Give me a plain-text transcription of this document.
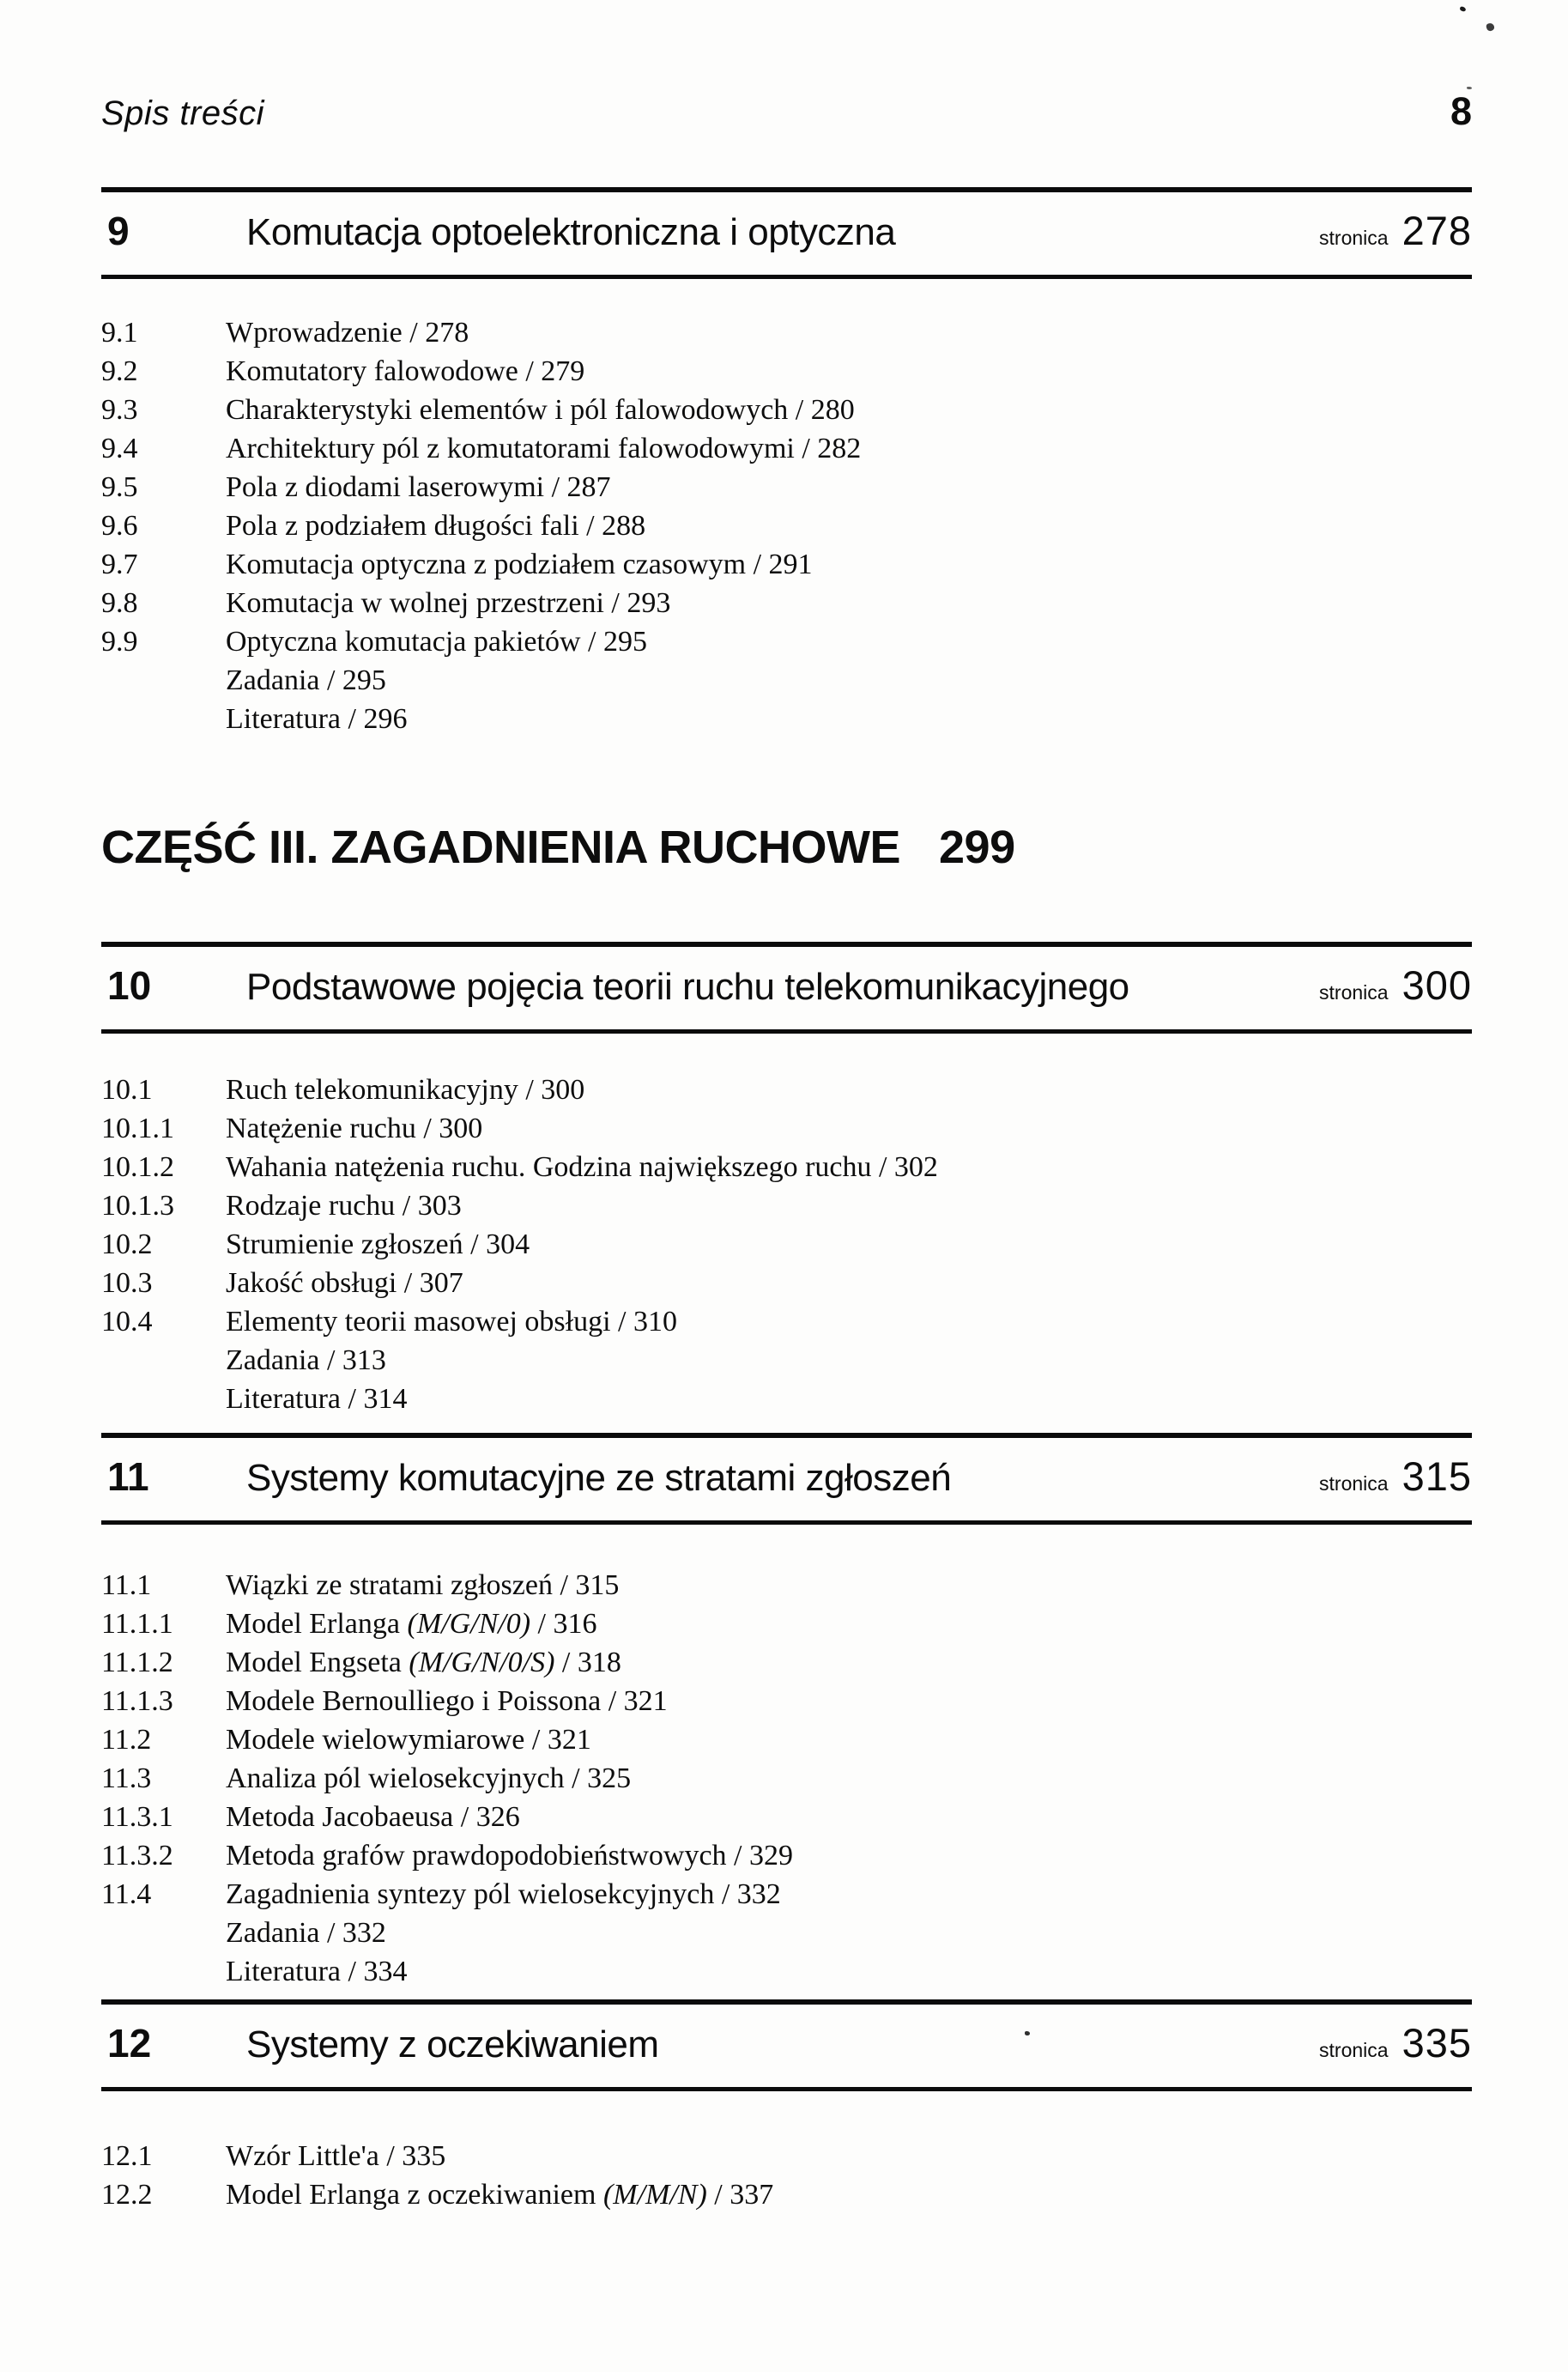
Spis treści	8
9	Komutacja optoelektroniczna i optyczna	stronica 278
9.1	Wprowadzenie / 278
9.2	Komutatory falowodowe / 279
9.3	Charakterystyki elementów i pól falowodowych / 280
9.4	Architektury pól z komutatorami falowodowymi / 282
9.5	Pola z diodami laserowymi / 287
9.6	Pola z podziałem długości fali / 288
9.7	Komutacja optyczna z podziałem czasowym / 291
9.8	Komutacja w wolnej przestrzeni / 293
9.9	Optyczna komutacja pakietów / 295
Zadania / 295
Literatura / 296
CZĘŚĆ III. ZAGADNIENIA RUCHOWE 299
10	Podstawowe pojęcia teorii ruchu telekomunikacyjnego	stronica 300
10.1	Ruch telekomunikacyjny / 300
10.1.1	Natężenie ruchu / 300
10.1.2	Wahania natężenia ruchu. Godzina największego ruchu / 302
10.1.3	Rodzaje ruchu / 303
10.2	Strumienie zgłoszeń / 304
10.3	Jakość obsługi / 307
10.4	Elementy teorii masowej obsługi / 310
Zadania / 313
Literatura / 314
11	Systemy komutacyjne ze stratami zgłoszeń	stronica 315
11.1	Wiązki ze stratami zgłoszeń / 315
11.1.1	Model Erlanga (M/G/N/0) / 316
11.1.2	Model Engseta (M/G/N/0/S) / 318
11.1.3	Modele Bernoulliego i Poissona / 321
11.2	Modele wielowymiarowe / 321
11.3	Analiza pól wielosekcyjnych / 325
11.3.1	Metoda Jacobaeusa / 326
11.3.2	Metoda grafów prawdopodobieństwowych / 329
11.4	Zagadnienia syntezy pól wielosekcyjnych / 332
Zadania / 332
Literatura / 334
12	Systemy z oczekiwaniem	stronica 335
12.1	Wzór Little'a / 335
12.2	Model Erlanga z oczekiwaniem (M/M/N) / 337
